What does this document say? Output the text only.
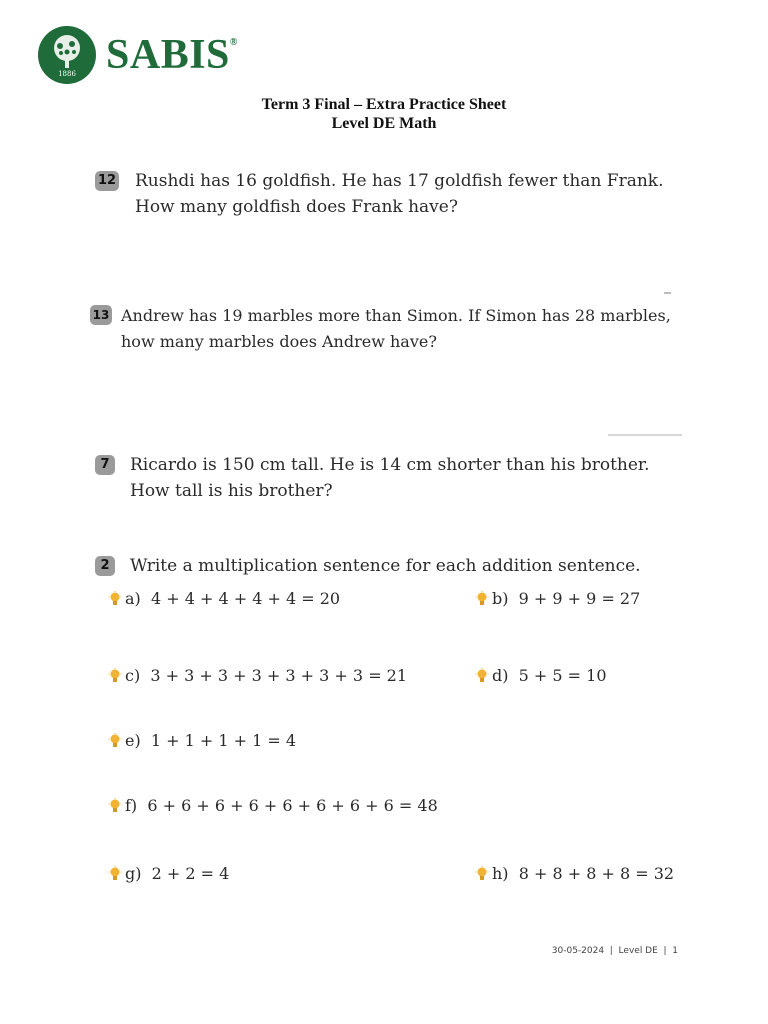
1886 SABIS®
Term 3 Final – Extra Practice Sheet
Level DE Math
12 Rushdi has 16 goldfish. He has 17 goldfish fewer than Frank.
How many goldfish does Frank have?
13 Andrew has 19 marbles more than Simon. If Simon has 28 marbles,
how many marbles does Andrew have?
7	Ricardo is 150 cm tall. He is 14 cm shorter than his brother.
How tall is his brother?
2	Write a multiplication sentence for each addition sentence.
a)
4 + 4 + 4 + 4 + 4 = 20	b)
9 + 9 + 9 = 27
c)
3 + 3 + 3 + 3 + 3 + 3 + 3 = 21	d)
5 + 5 = 10
e)
1 + 1 + 1 + 1 = 4
f)
6 + 6 + 6 + 6 + 6 + 6 + 6 + 6 = 48
g)
2 + 2 = 4	h)
8 + 8 + 8 + 8 = 32
30-05-2024  |  Level DE  |  1
